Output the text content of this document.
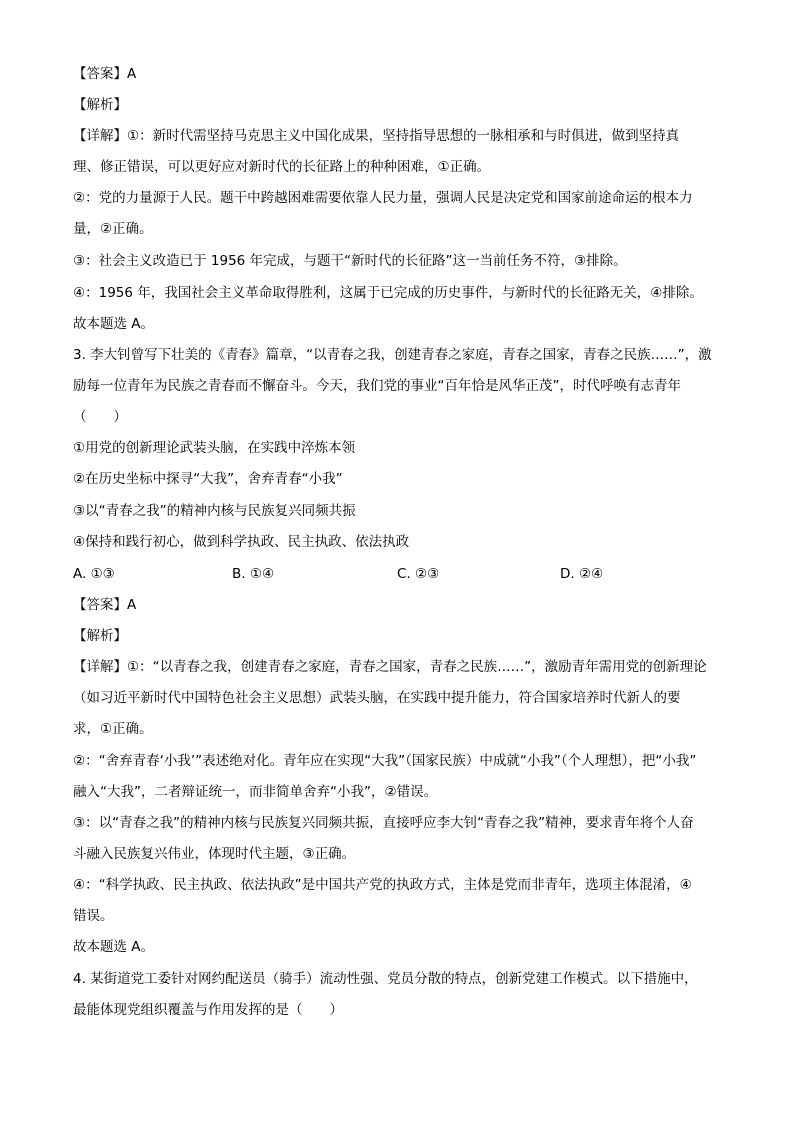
【答案】A
【解析】
【详解】①：新时代需坚持马克思主义中国化成果，坚持指导思想的一脉相承和与时俱进，做到坚持真
理、修正错误，可以更好应对新时代的长征路上的种种困难，①正确。
②：党的力量源于人民。题干中跨越困难需要依靠人民力量，强调人民是决定党和国家前途命运的根本力
量，②正确。
③：社会主义改造已于 1956 年完成，与题干“新时代的长征路”这一当前任务不符，③排除。
④：1956 年，我国社会主义革命取得胜利，这属于已完成的历史事件，与新时代的长征路无关，④排除。
故本题选 A。
3. 李大钊曾写下壮美的《青春》篇章，“以青春之我，创建青春之家庭，青春之国家，青春之民族……”，激
励每一位青年为民族之青春而不懈奋斗。今天，我们党的事业“百年恰是风华正茂”，时代呼唤有志青年
（　　）
①用党的创新理论武装头脑，在实践中淬炼本领
②在历史坐标中探寻“大我”，舍弃青春“小我”
③以“青春之我”的精神内核与民族复兴同频共振
④保持和践行初心，做到科学执政、民主执政、依法执政
A. ①③	B. ①④	C. ②③	D. ②④
【答案】A
【解析】
【详解】①：“以青春之我，创建青春之家庭，青春之国家，青春之民族……”，激励青年需用党的创新理论
（如习近平新时代中国特色社会主义思想）武装头脑，在实践中提升能力，符合国家培养时代新人的要
求，①正确。
②：“舍弃青春‘小我’”表述绝对化。青年应在实现“大我”（国家民族）中成就“小我”（个人理想），把“小我”
融入“大我”，二者辩证统一，而非简单舍弃“小我”，②错误。
③：以“青春之我”的精神内核与民族复兴同频共振，直接呼应李大钊“青春之我”精神，要求青年将个人奋
斗融入民族复兴伟业，体现时代主题，③正确。
④：“科学执政、民主执政、依法执政”是中国共产党的执政方式，主体是党而非青年，选项主体混淆，④
错误。
故本题选 A。
4. 某街道党工委针对网约配送员（骑手）流动性强、党员分散的特点，创新党建工作模式。以下措施中，
最能体现党组织覆盖与作用发挥的是（　　）
